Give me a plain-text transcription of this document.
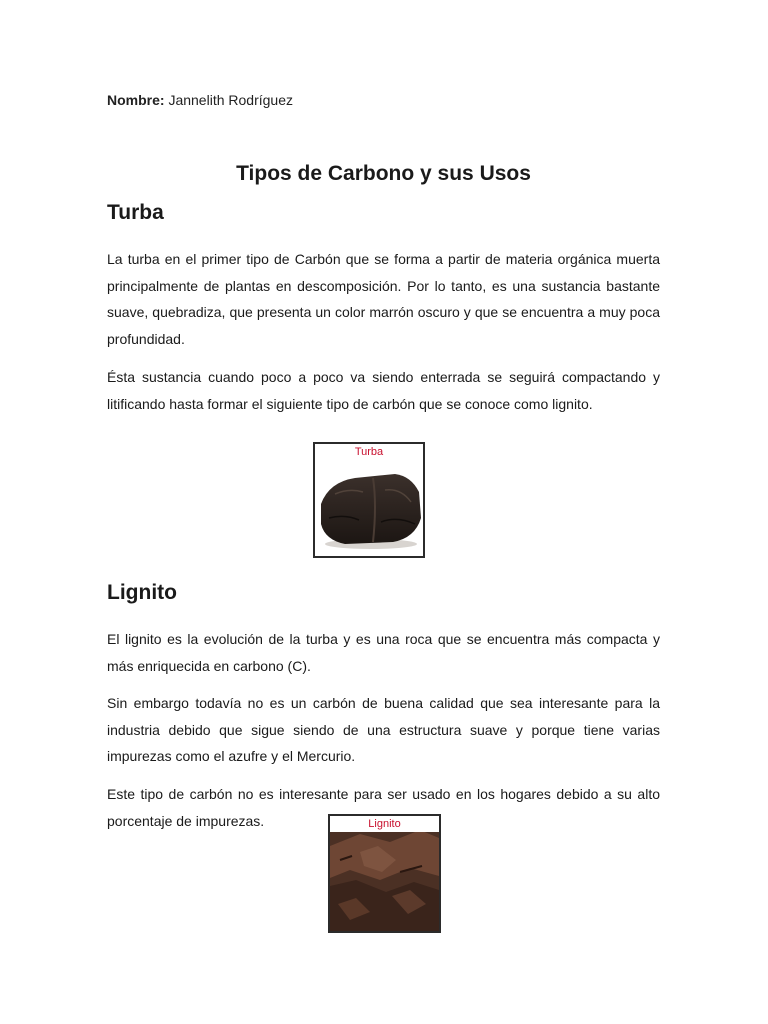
Nombre: Jannelith Rodríguez
Tipos de Carbono y sus Usos
Turba

La turba en el primer tipo de Carbón que se forma a partir de materia orgánica muerta principalmente de plantas en descomposición. Por lo tanto, es una sustancia bastante suave, quebradiza, que presenta un color marrón oscuro y que se encuentra a muy poca profundidad.

Ésta sustancia cuando poco a poco va siendo enterrada se seguirá compactando y litificando hasta formar el siguiente tipo de carbón que se conoce como lignito.

Turba
Lignito

El lignito es la evolución de la turba y es una roca que se encuentra más compacta y más enriquecida en carbono (C).

Sin embargo todavía no es un carbón de buena calidad que sea interesante para la industria debido que sigue siendo de una estructura suave y porque tiene varias impurezas como el azufre y el Mercurio.

Este tipo de carbón no es interesante para ser usado en los hogares debido a su alto porcentaje de impurezas.	Lignito
